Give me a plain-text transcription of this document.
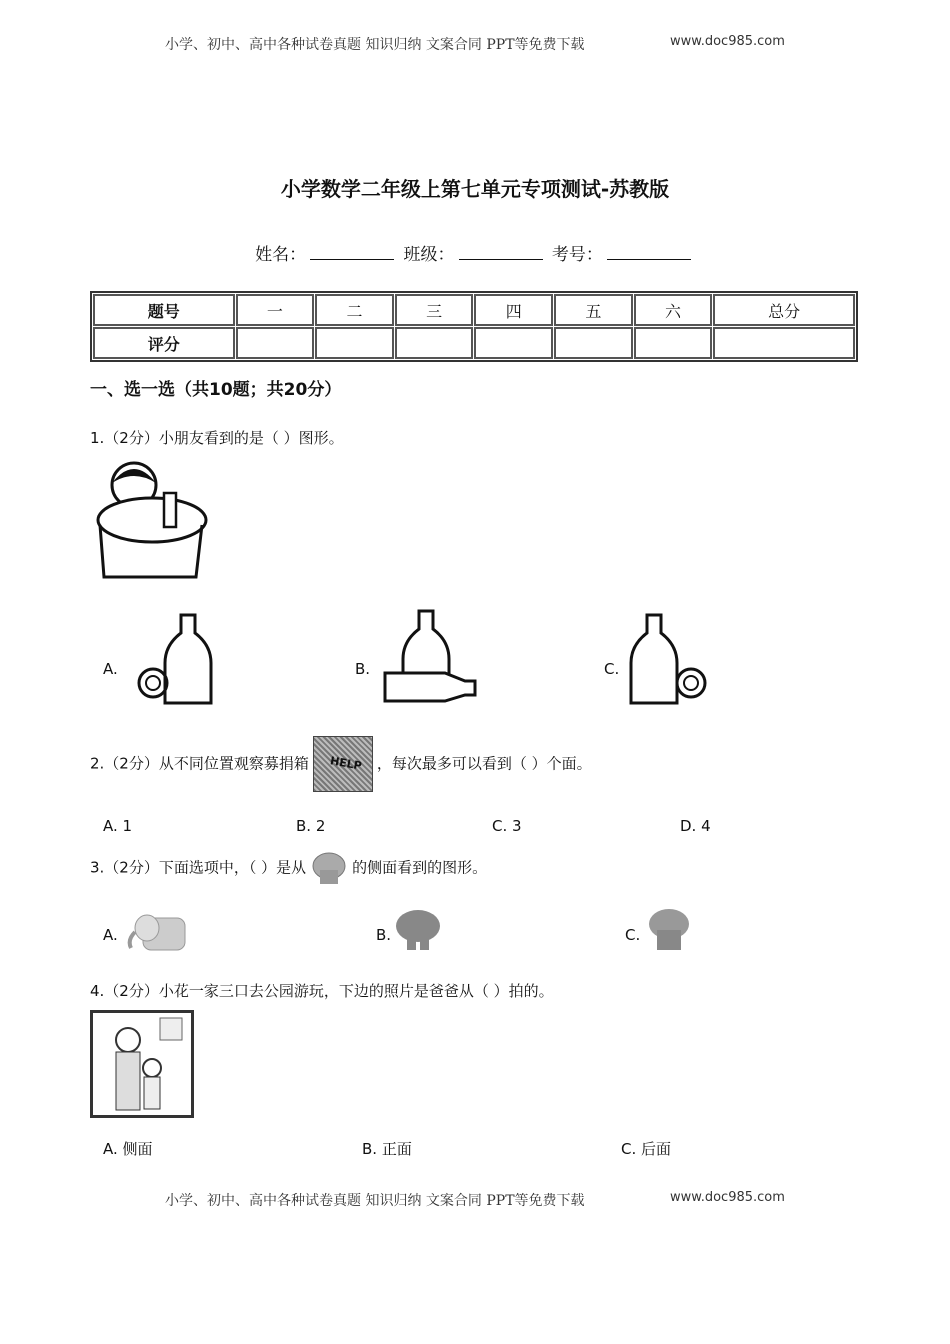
小学、初中、高中各种试卷真题 知识归纳 文案合同 PPT等免费下载	www.doc985.com
小学数学二年级上第七单元专项测试-苏教版
姓名：	班级：	考号：
题号	一	二	三	四	五	六	总分
评分							
一、选一选（共10题；共20分）
1.（2分）小朋友看到的是（ ）图形。
A.	B.	C.
2.（2分）从不同位置观察募捐箱 HELP ，每次最多可以看到（ ）个面。
A. 1	B. 2	C. 3	D. 4
3.（2分）下面选项中，（ ）是从	的侧面看到的图形。
A.	B.	C.
4.（2分）小花一家三口去公园游玩，下边的照片是爸爸从（ ）拍的。
A. 侧面	B. 正面	C. 后面
小学、初中、高中各种试卷真题 知识归纳 文案合同 PPT等免费下载	www.doc985.com
